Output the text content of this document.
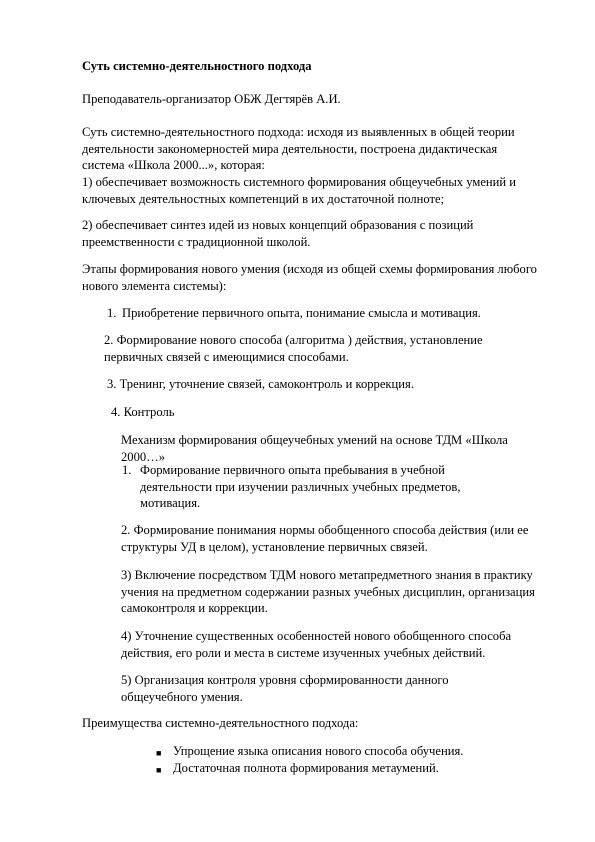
Суть системно-деятельностного подхода

Преподаватель-организатор ОБЖ Дегтярёв А.И.

Суть системно-деятельностного подхода: исходя из выявленных в общей теории деятельности закономерностей мира деятельности, построена дидактическая система «Школа 2000...», которая:

1) обеспечивает возможность системного формирования общеучебных умений и ключевых деятельностных компетенций в их достаточной полноте;

2) обеспечивает синтез идей из новых концепций образования с позиций преемственности с традиционной школой.

Этапы формирования нового умения (исходя из общей схемы формирования любого нового элемента системы):

1. Приобретение первичного опыта, понимание смысла и мотивация.

2. Формирование нового способа (алгоритма ) действия, установление первичных связей с имеющимися способами.

3. Тренинг, уточнение связей, самоконтроль и коррекция.

4. Контроль

Механизм формирования общеучебных умений на основе ТДМ «Школа 2000…»

1. Формирование первичного опыта пребывания в учебной деятельности при изучении различных учебных предметов, мотивация.

2. Формирование понимания нормы обобщенного способа действия (или ее структуры УД в целом), установление первичных связей.

3) Включение посредством ТДМ нового метапредметного знания в практику учения на предметном содержании разных учебных дисциплин, организация самоконтроля и коррекции.

4) Уточнение существенных особенностей нового обобщенного способа действия, его роли и места в системе изученных учебных действий.

5) Организация контроля уровня сформированности данного общеучебного умения.

Преимущества системно-деятельностного подхода:

■ Упрощение языка описания нового способа обучения.

■ Достаточная полнота формирования метаумений.
